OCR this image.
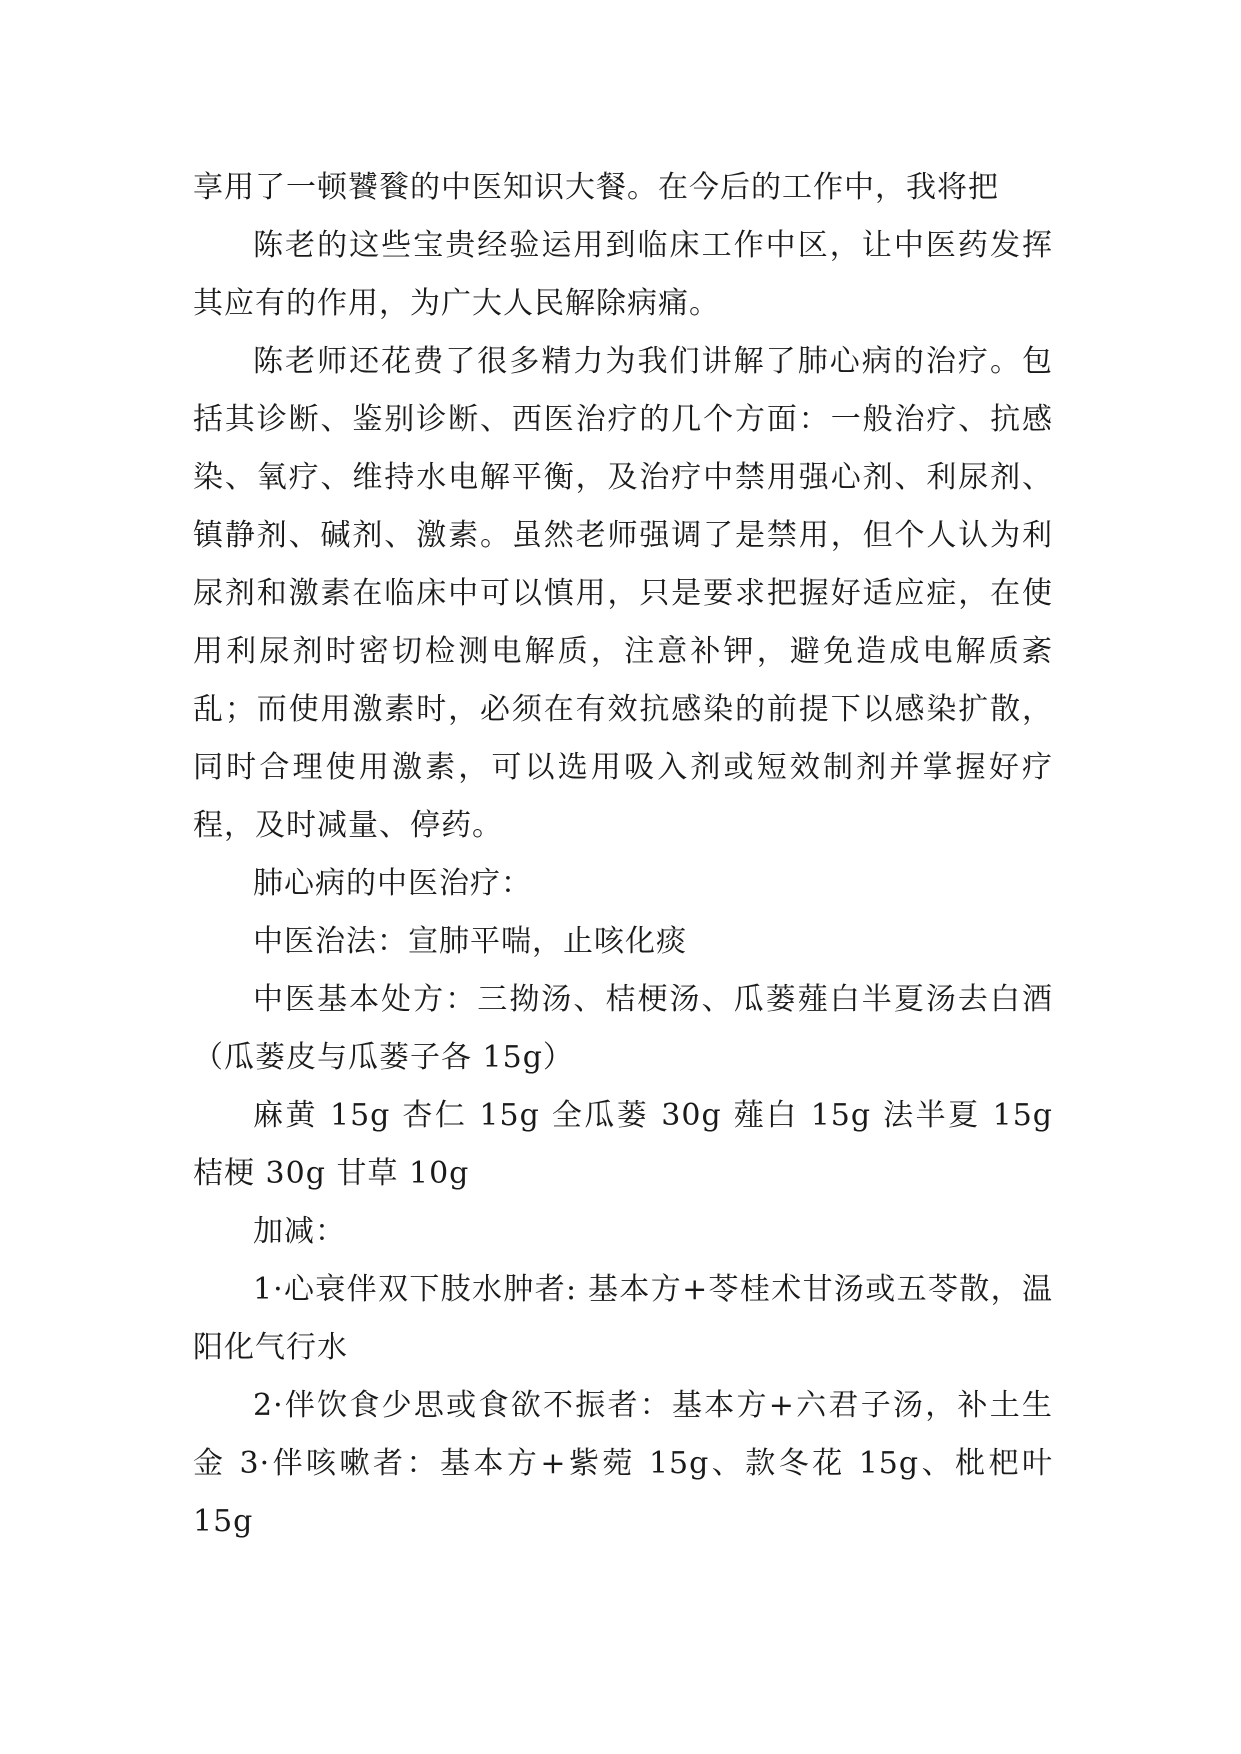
享用了一顿饕餮的中医知识大餐。在今后的工作中，我将把

陈老的这些宝贵经验运用到临床工作中区，让中医药发挥其应有的作用，为广大人民解除病痛。

陈老师还花费了很多精力为我们讲解了肺心病的治疗。包括其诊断、鉴别诊断、西医治疗的几个方面：一般治疗、抗感染、氧疗、维持水电解平衡，及治疗中禁用强心剂、利尿剂、镇静剂、碱剂、激素。虽然老师强调了是禁用，但个人认为利尿剂和激素在临床中可以慎用，只是要求把握好适应症，在使用利尿剂时密切检测电解质，注意补钾，避免造成电解质紊乱；而使用激素时，必须在有效抗感染的前提下以感染扩散，同时合理使用激素，可以选用吸入剂或短效制剂并掌握好疗程，及时减量、停药。

肺心病的中医治疗：

中医治法：宣肺平喘，止咳化痰

中医基本处方：三拗汤、桔梗汤、瓜蒌薤白半夏汤去白酒（瓜蒌皮与瓜蒌子各 15g）

麻黄 15g 杏仁 15g 全瓜蒌 30g 薤白 15g 法半夏 15g 桔梗 30g 甘草 10g

加减：

1·心衰伴双下肢水肿者: 基本方+苓桂术甘汤或五苓散，温阳化气行水

2·伴饮食少思或食欲不振者：基本方+六君子汤，补土生金 3·伴咳嗽者：基本方+紫菀 15g、款冬花 15g、枇杷叶 15g
